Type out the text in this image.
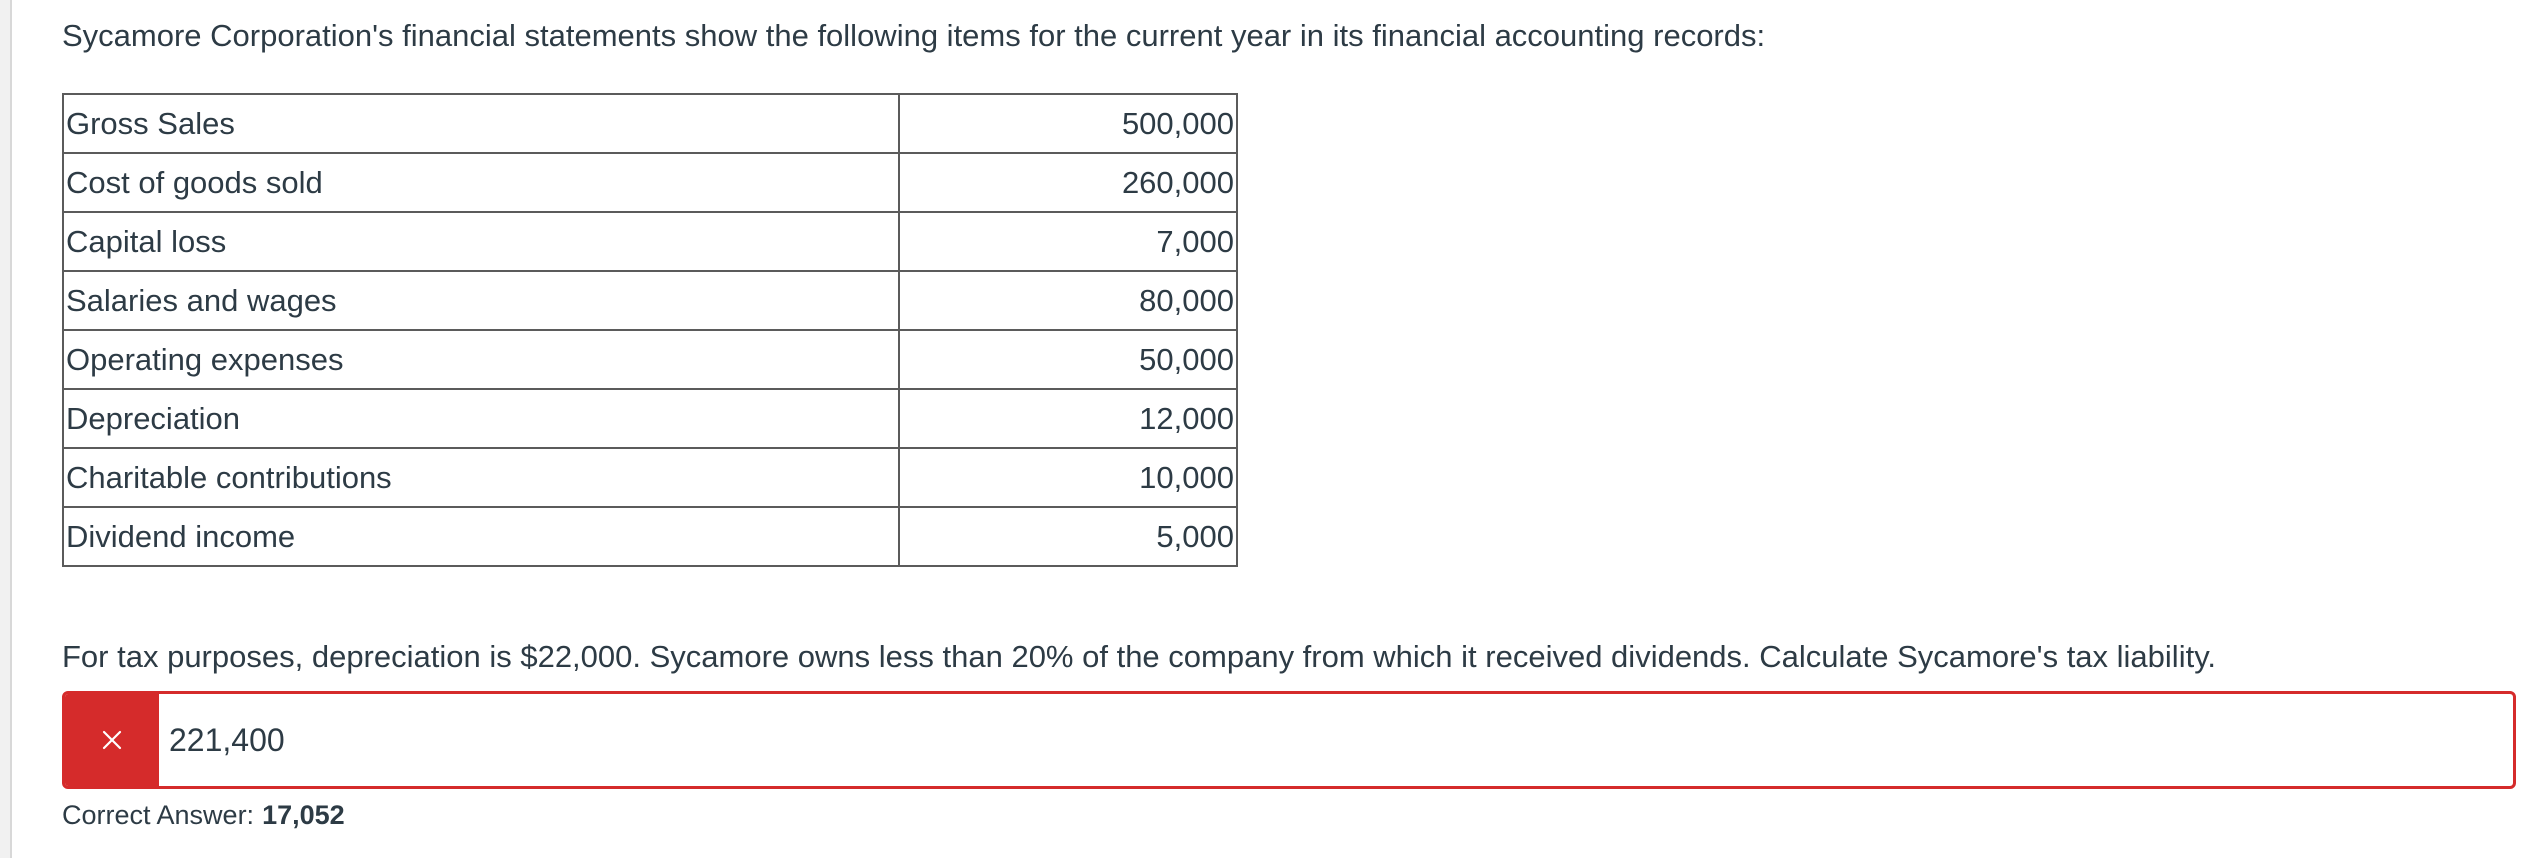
Sycamore Corporation's financial statements show the following items for the current year in its financial accounting records:
Gross Sales	500,000
Cost of goods sold	260,000
Capital loss	7,000
Salaries and wages	80,000
Operating expenses	50,000
Depreciation	12,000
Charitable contributions	10,000
Dividend income	5,000
For tax purposes, depreciation is $22,000. Sycamore owns less than 20% of the company from which it received dividends. Calculate Sycamore's tax liability.
221,400
Correct Answer: 17,052
